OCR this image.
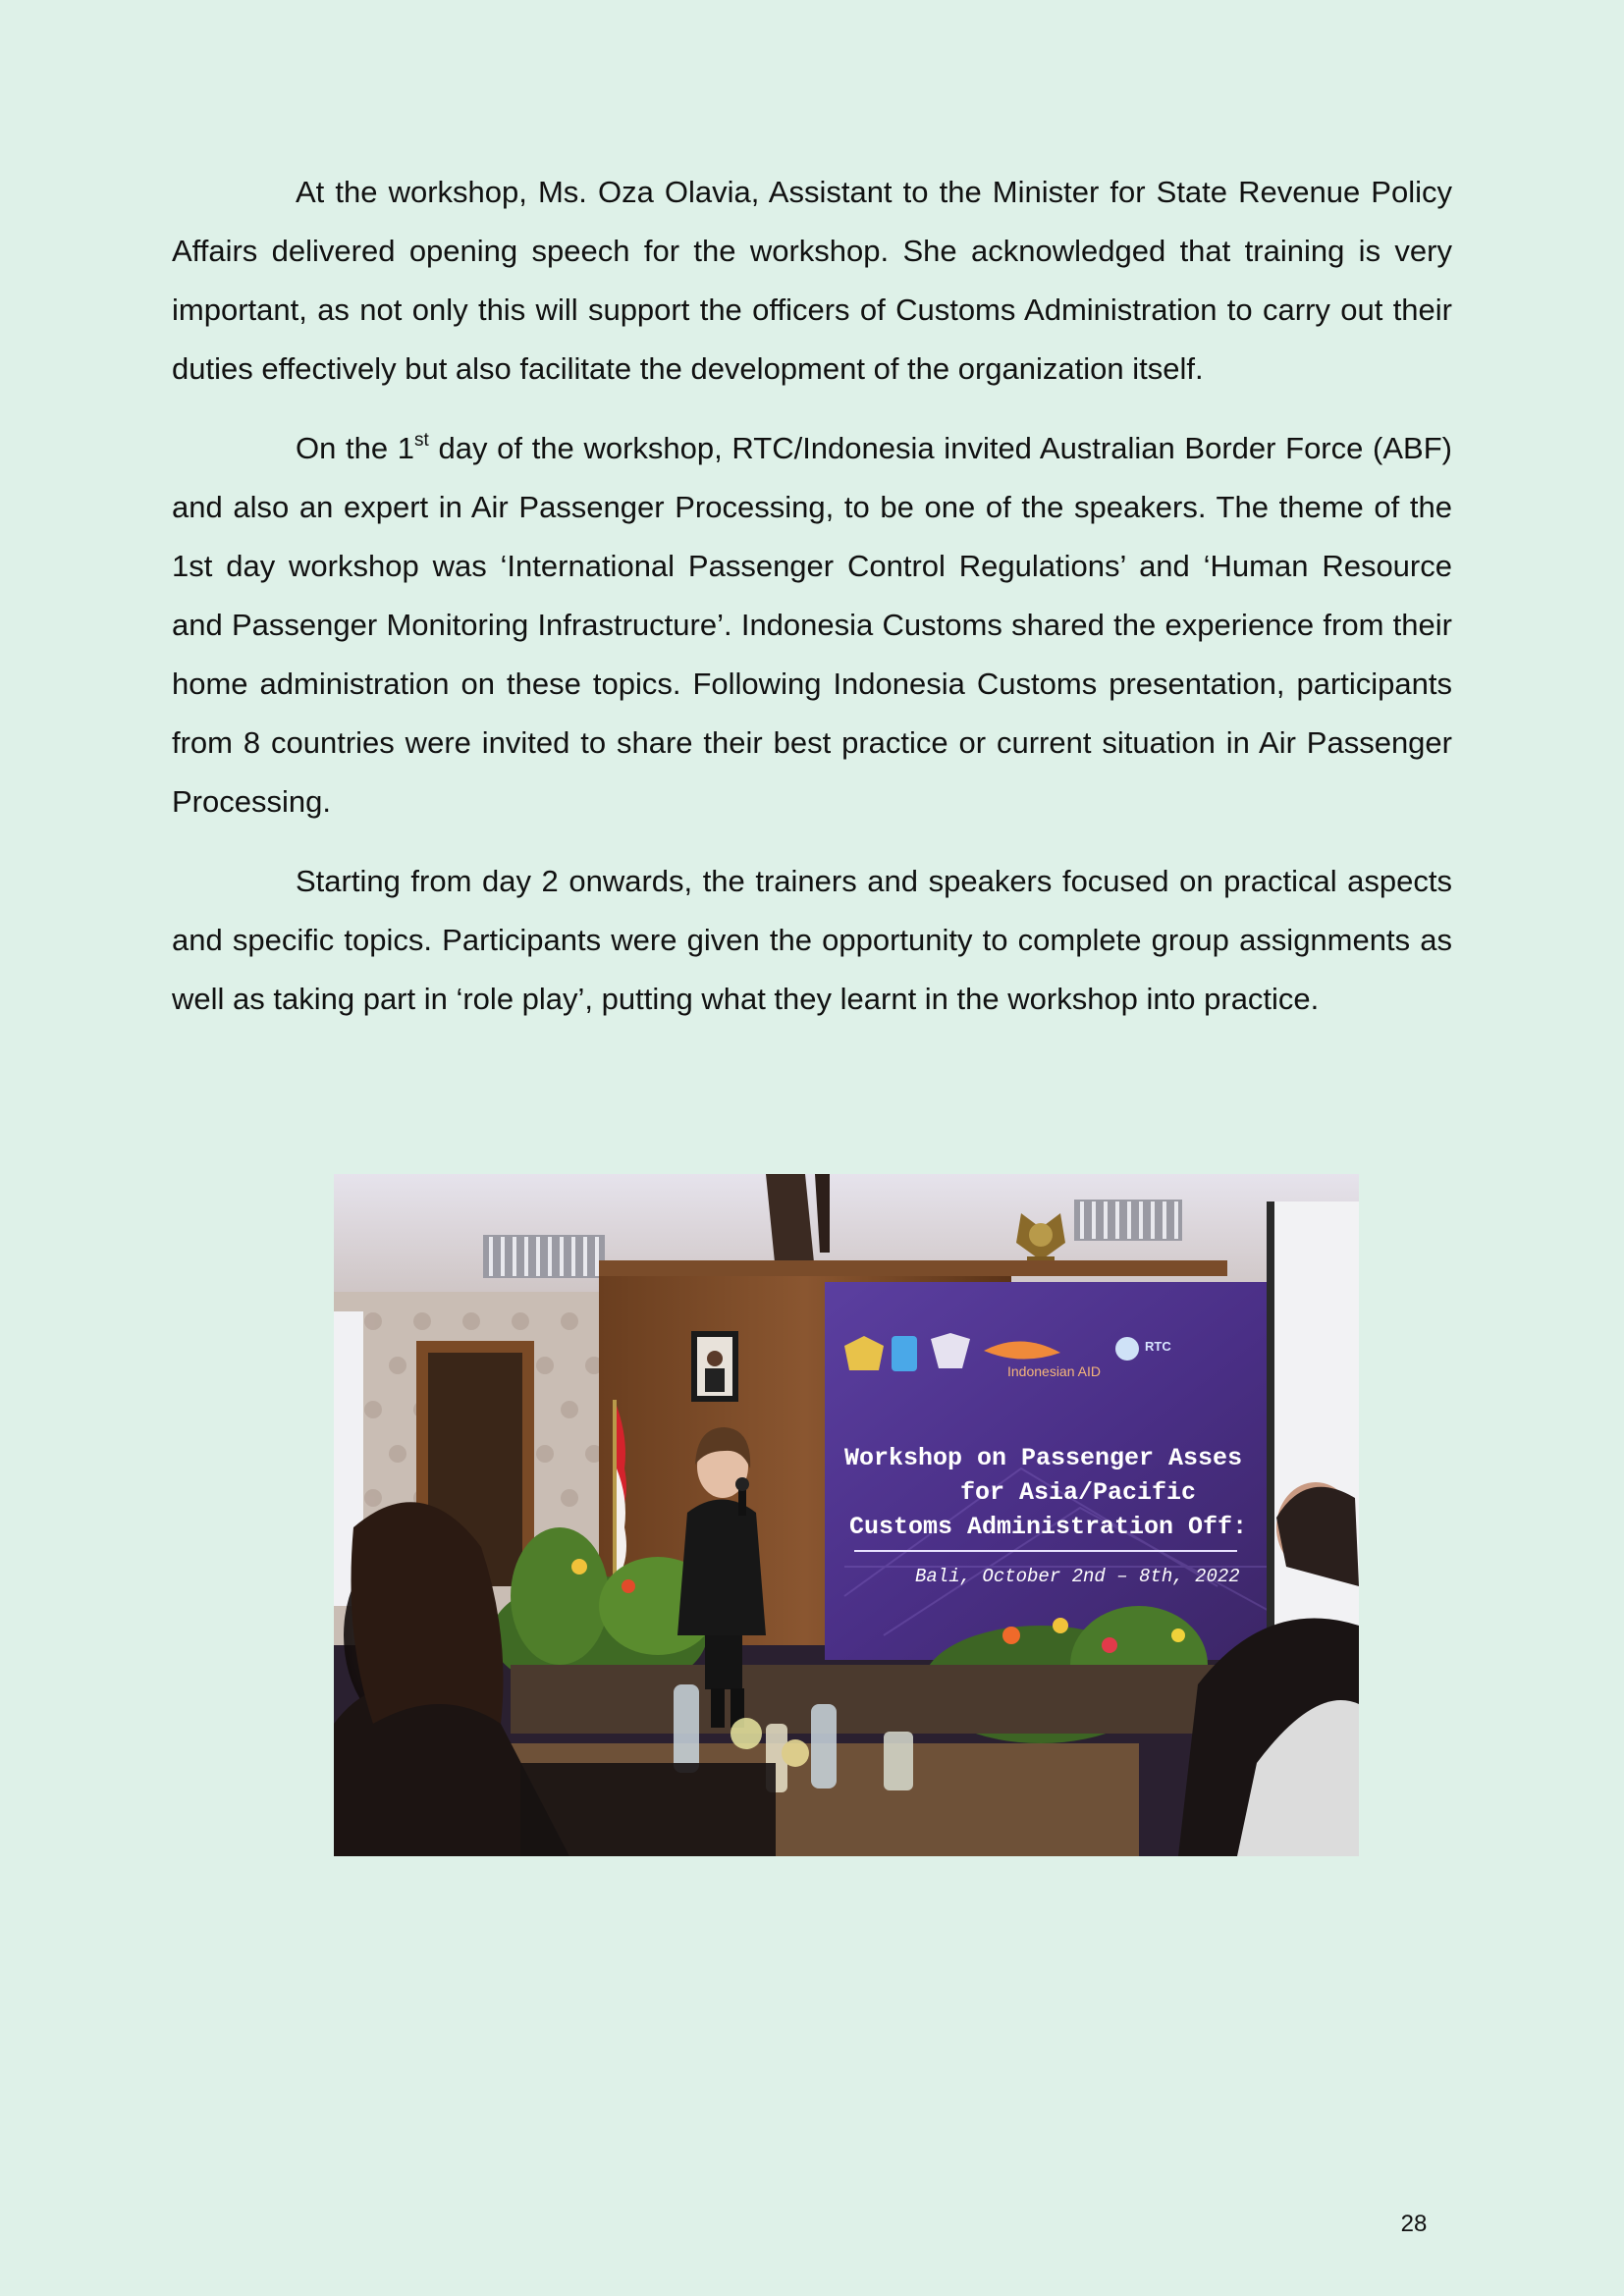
At the workshop, Ms. Oza Olavia, Assistant to the Minister for State Revenue Policy Affairs delivered opening speech for the workshop. She acknowledged that training is very important, as not only this will support the officers of Customs Administration to carry out their duties effectively but also facilitate the development of the organization itself.

On the 1st day of the workshop, RTC/Indonesia invited Australian Border Force (ABF) and also an expert in Air Passenger Processing, to be one of the speakers. The theme of the 1st day workshop was ‘International Passenger Control Regulations’ and ‘Human Resource and Passenger Monitoring Infrastructure’. Indonesia Customs shared the experience from their home administration on these topics. Following Indonesia Customs presentation, participants from 8 countries were invited to share their best practice or current situation in Air Passenger Processing.

Starting from day 2 onwards, the trainers and speakers focused on practical aspects and specific topics. Participants were given the opportunity to complete group assignments as well as taking part in ‘role play’, putting what they learnt in the workshop into practice.

Indonesian AID
RTC
Workshop on Passenger Asses
for Asia/Pacific
Customs Administration Off:
Bali, October 2nd – 8th, 2022
28
